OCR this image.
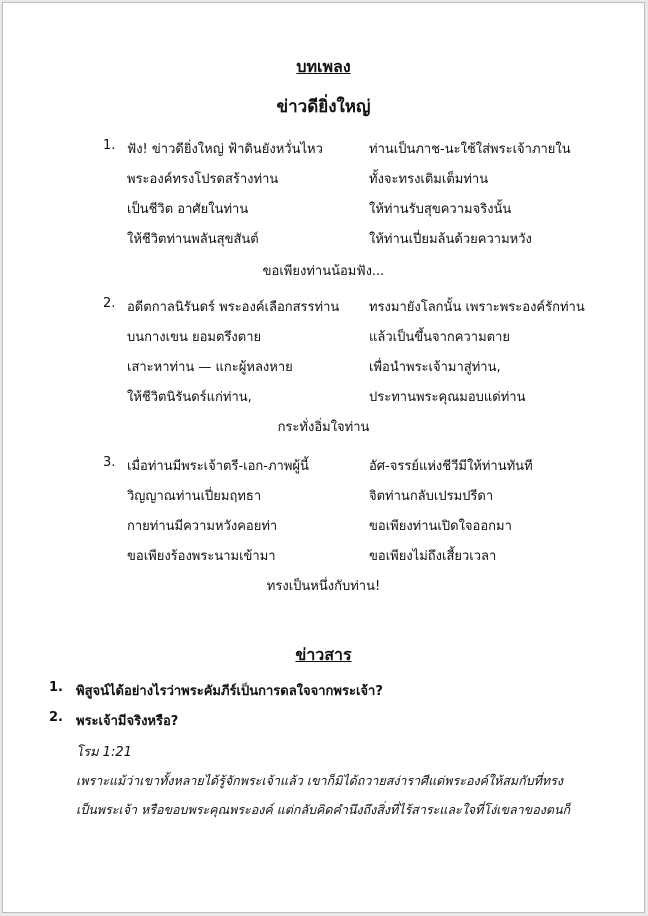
บทเพลง
ข่าวดียิ่งใหญ่
1. ฟัง! ข่าวดียิ่งใหญ่ ฟ้าดินยังหวั่นไหว
พระองค์ทรงโปรดสร้างท่าน
เป็นชีวิต อาศัยในท่าน
ให้ชีวิตท่านพลันสุขสันต์
ท่านเป็นภาช-นะใช้ใส่พระเจ้าภายใน
ทั้งจะทรงเติมเต็มท่าน
ให้ท่านรับสุขความจริงนั้น
ให้ท่านเปี่ยมล้นด้วยความหวัง
ขอเพียงท่านน้อมฟัง...
2. อดีตกาลนิรันดร์ พระองค์เลือกสรรท่าน
บนกางเขน ยอมตรึงตาย
เสาะหาท่าน — แกะผู้หลงหาย
ให้ชีวิตนิรันดร์แก่ท่าน,
ทรงมายังโลกนั้น เพราะพระองค์รักท่าน
แล้วเป็นขึ้นจากความตาย
เพื่อนำพระเจ้ามาสู่ท่าน,
ประทานพระคุณมอบแด่ท่าน
กระทั่งอิ่มใจท่าน
3. เมื่อท่านมีพระเจ้าตรี-เอก-ภาพผู้นี้
วิญญาณท่านเปี่ยมฤทธา
กายท่านมีความหวังคอยท่า
ขอเพียงร้องพระนามเข้ามา
อัศ-จรรย์แห่งชีวีมีให้ท่านทันที
จิตท่านกลับเปรมปรีดา
ขอเพียงท่านเปิดใจออกมา
ขอเพียงไม่ถึงเสี้ยวเวลา
ทรงเป็นหนึ่งกับท่าน!
ข่าวสาร
1. พิสูจน์ได้อย่างไรว่าพระคัมภีร์เป็นการดลใจจากพระเจ้า?
2. พระเจ้ามีจริงหรือ?
โรม 1:21
เพราะแม้ว่าเขาทั้งหลายได้รู้จักพระเจ้าแล้ว เขาก็มิได้ถวายสง่าราศีแด่พระองค์ให้สมกับที่ทรง
เป็นพระเจ้า หรือขอบพระคุณพระองค์ แต่กลับคิดคำนึงถึงสิ่งที่ไร้สาระและใจที่โง่เขลาของตนก็
